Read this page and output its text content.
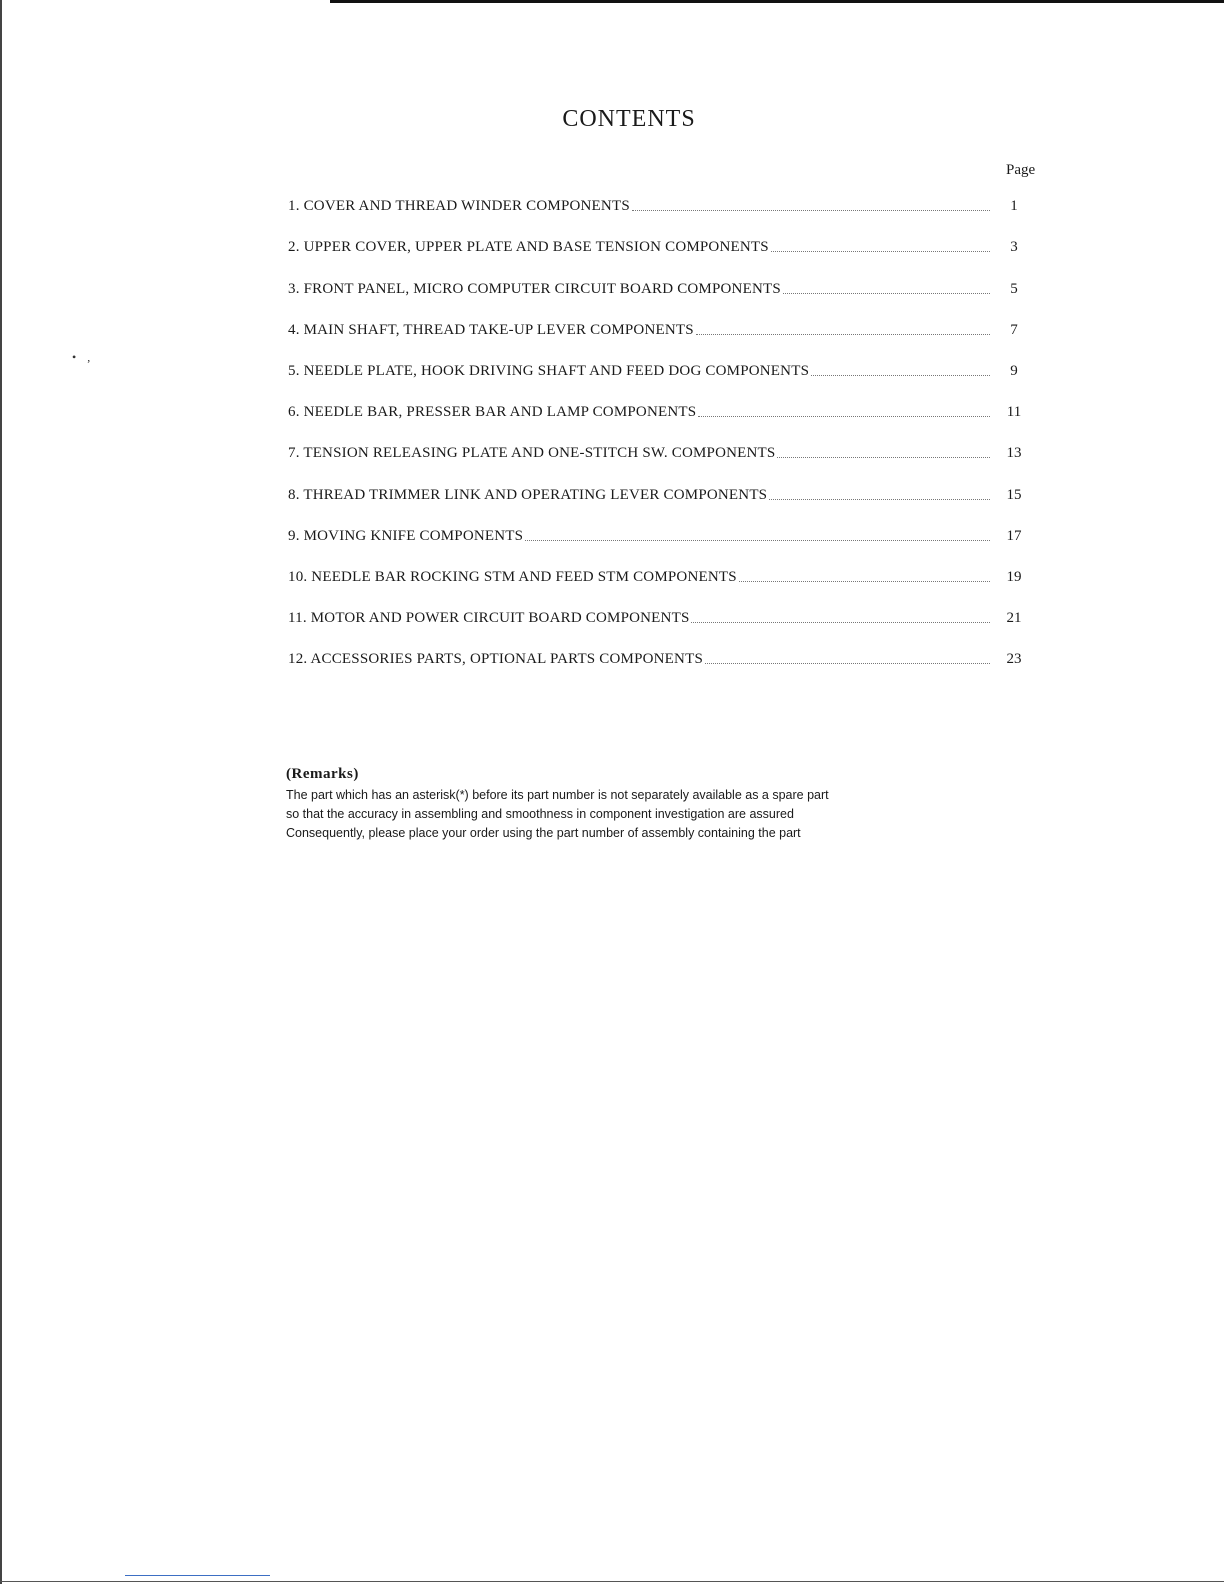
• ,
CONTENTS
Page
1. COVER AND THREAD WINDER COMPONENTS	1
2. UPPER COVER, UPPER PLATE AND BASE TENSION COMPONENTS	3
3. FRONT PANEL, MICRO COMPUTER CIRCUIT BOARD COMPONENTS	5
4. MAIN SHAFT, THREAD TAKE-UP LEVER COMPONENTS	7
5. NEEDLE PLATE, HOOK DRIVING SHAFT AND FEED DOG COMPONENTS	9
6. NEEDLE BAR, PRESSER BAR AND LAMP COMPONENTS	11
7. TENSION RELEASING PLATE AND ONE-STITCH SW. COMPONENTS	13
8. THREAD TRIMMER LINK AND OPERATING LEVER COMPONENTS	15
9. MOVING KNIFE COMPONENTS	17
10. NEEDLE BAR ROCKING STM AND FEED STM COMPONENTS	19
11. MOTOR AND POWER CIRCUIT BOARD COMPONENTS	21
12. ACCESSORIES PARTS, OPTIONAL PARTS COMPONENTS	23
(Remarks)
The part which has an asterisk(*) before its part number is not separately available as a spare part
so that the accuracy in assembling and smoothness in component investigation are assured
Consequently, please place your order using the part number of assembly containing the part
